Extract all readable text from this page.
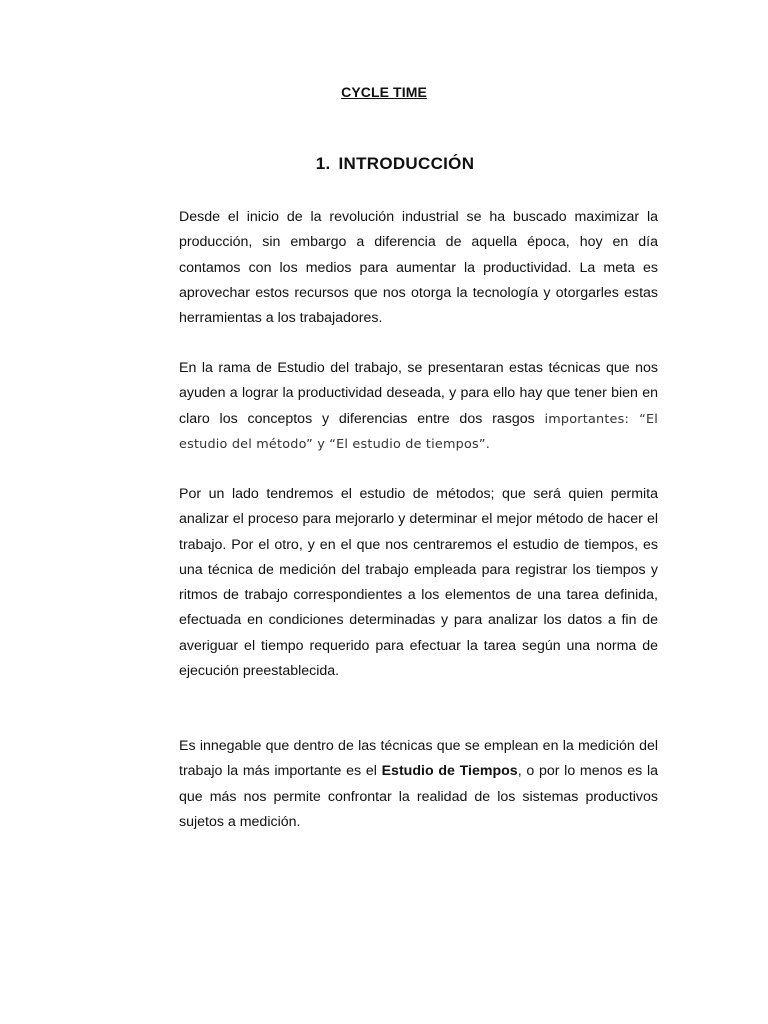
CYCLE TIME
1. INTRODUCCIÓN

Desde el inicio de la revolución industrial se ha buscado maximizar la producción, sin embargo a diferencia de aquella época, hoy en día contamos con los medios para aumentar la productividad. La meta es aprovechar estos recursos que nos otorga la tecnología y otorgarles estas herramientas a los trabajadores.

En la rama de Estudio del trabajo, se presentaran estas técnicas que nos ayuden a lograr la productividad deseada, y para ello hay que tener bien en claro los conceptos y diferencias entre dos rasgos importantes: “El estudio del método” y “El estudio de tiempos”.

Por un lado tendremos el estudio de métodos; que será quien permita analizar el proceso para mejorarlo y determinar el mejor método de hacer el trabajo. Por el otro, y en el que nos centraremos el estudio de tiempos, es una técnica de medición del trabajo empleada para registrar los tiempos y ritmos de trabajo correspondientes a los elementos de una tarea definida, efectuada en condiciones determinadas y para analizar los datos a fin de averiguar el tiempo requerido para efectuar la tarea según una norma de ejecución preestablecida.

Es innegable que dentro de las técnicas que se emplean en la medición del trabajo la más importante es el Estudio de Tiempos, o por lo menos es la que más nos permite confrontar la realidad de los sistemas productivos sujetos a medición.
